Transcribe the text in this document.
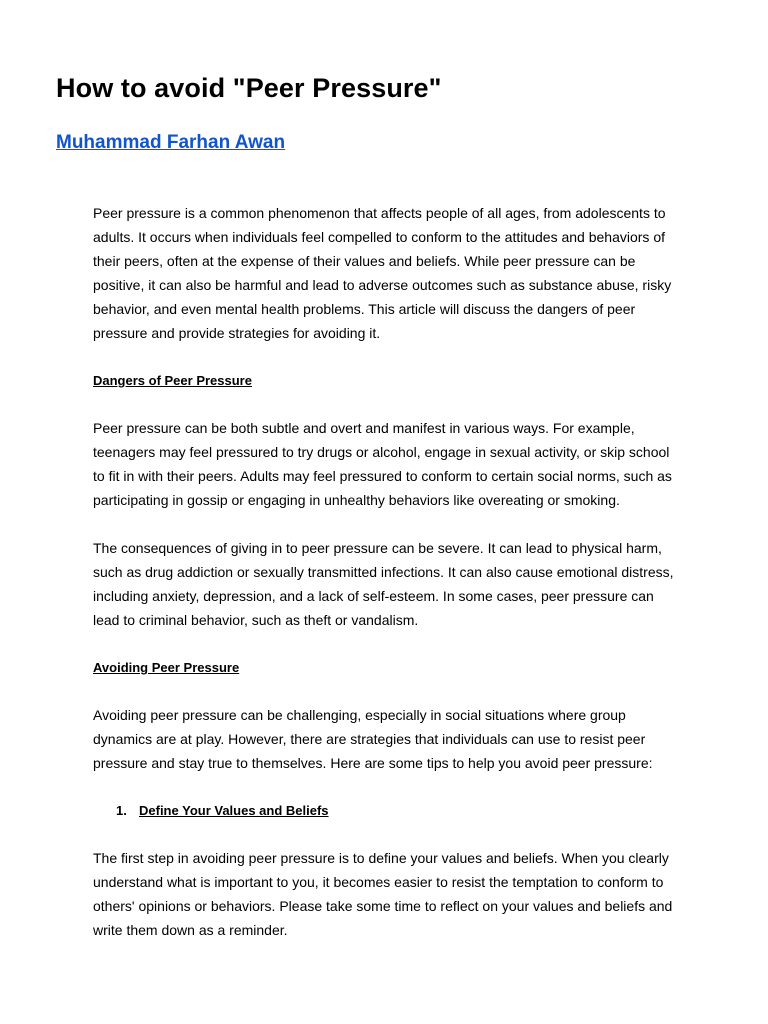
How to avoid "Peer Pressure"
Muhammad Farhan Awan

Peer pressure is a common phenomenon that affects people of all ages, from adolescents to adults. It occurs when individuals feel compelled to conform to the attitudes and behaviors of their peers, often at the expense of their values and beliefs. While peer pressure can be positive, it can also be harmful and lead to adverse outcomes such as substance abuse, risky behavior, and even mental health problems. This article will discuss the dangers of peer pressure and provide strategies for avoiding it.

Dangers of Peer Pressure

Peer pressure can be both subtle and overt and manifest in various ways. For example, teenagers may feel pressured to try drugs or alcohol, engage in sexual activity, or skip school to fit in with their peers. Adults may feel pressured to conform to certain social norms, such as participating in gossip or engaging in unhealthy behaviors like overeating or smoking.

The consequences of giving in to peer pressure can be severe. It can lead to physical harm, such as drug addiction or sexually transmitted infections. It can also cause emotional distress, including anxiety, depression, and a lack of self-esteem. In some cases, peer pressure can lead to criminal behavior, such as theft or vandalism.

Avoiding Peer Pressure

Avoiding peer pressure can be challenging, especially in social situations where group dynamics are at play. However, there are strategies that individuals can use to resist peer pressure and stay true to themselves. Here are some tips to help you avoid peer pressure:

1. Define Your Values and Beliefs

The first step in avoiding peer pressure is to define your values and beliefs. When you clearly understand what is important to you, it becomes easier to resist the temptation to conform to others' opinions or behaviors. Please take some time to reflect on your values and beliefs and write them down as a reminder.
